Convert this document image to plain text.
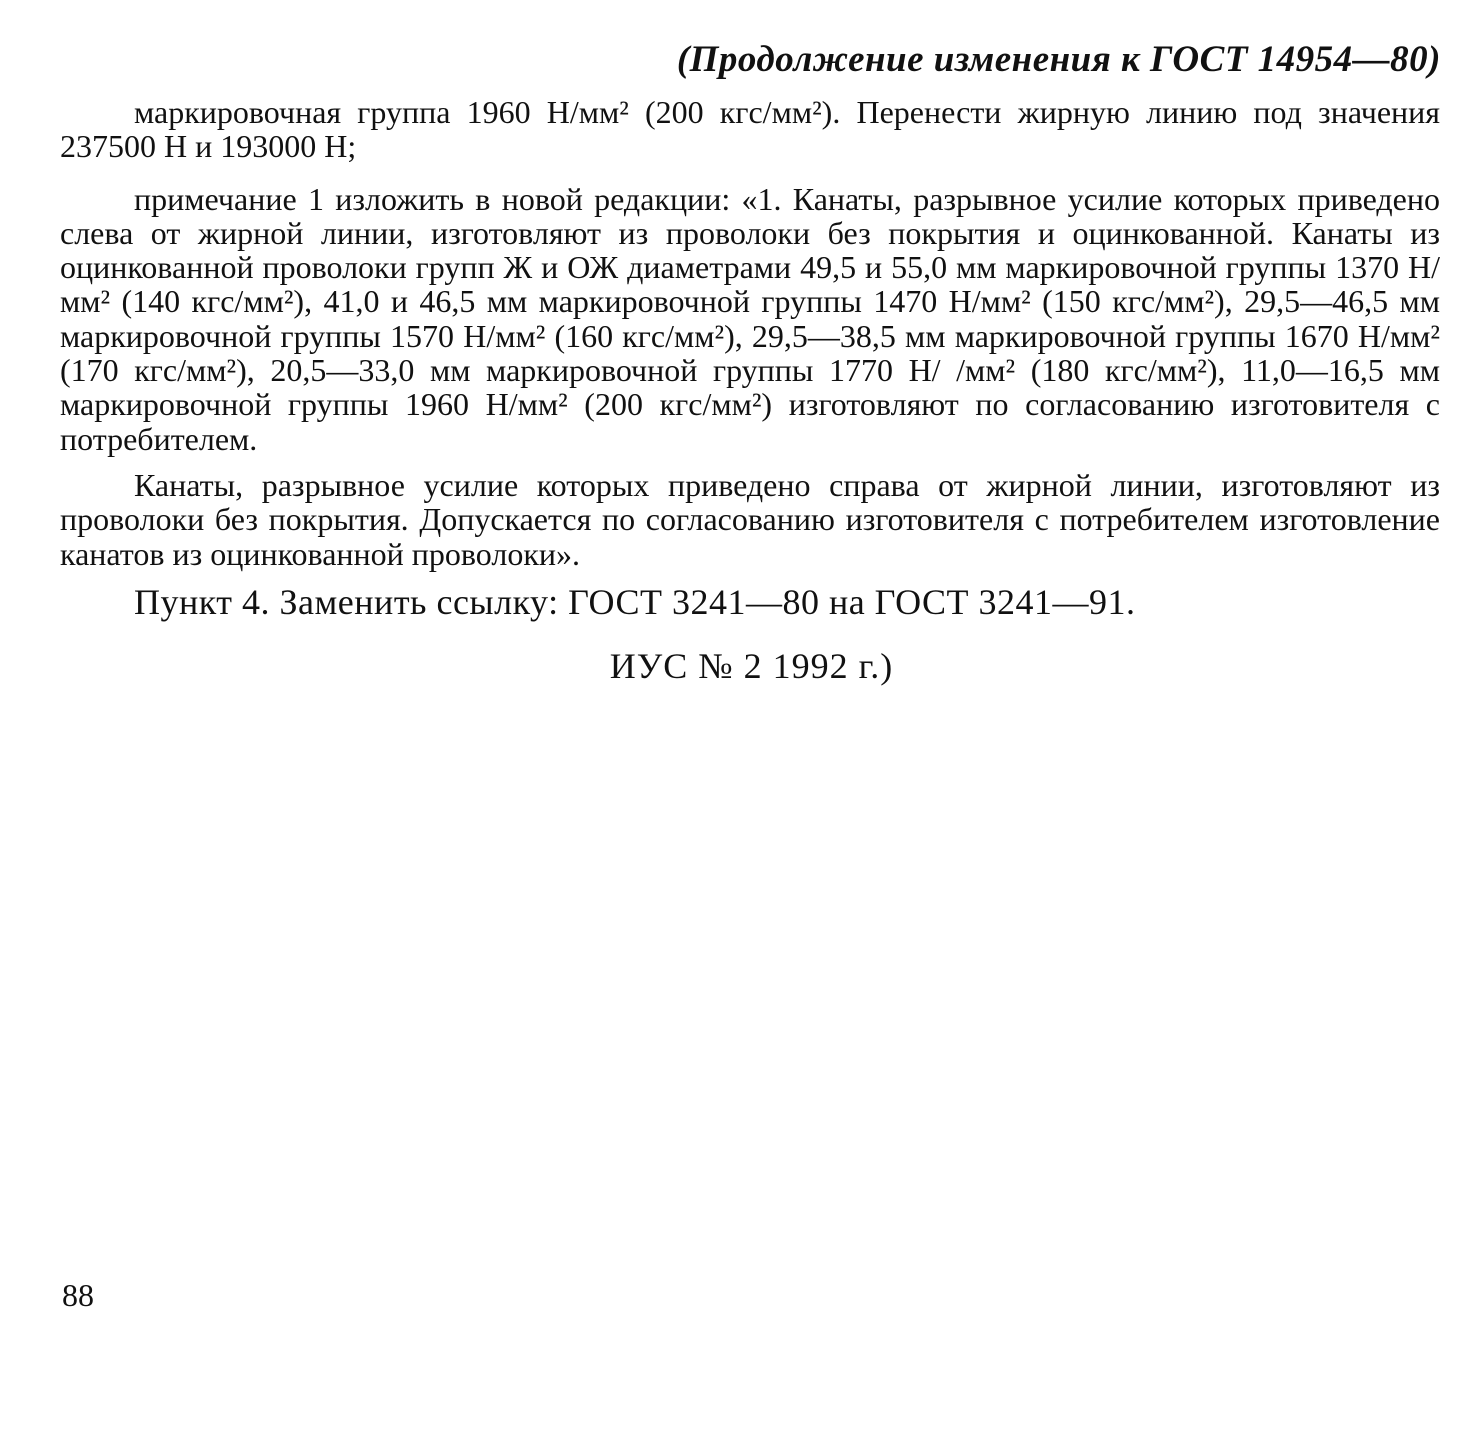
(Продолжение изменения к ГОСТ 14954—80)

маркировочная группа 1960 Н/мм² (200 кгс/мм²). Перенести жирную линию под значения 237500 Н и 193000 Н;

примечание 1 изложить в новой редакции: «1. Канаты, разрывное усилие которых приведено слева от жирной линии, изготовляют из проволоки без покрытия и оцинкованной. Канаты из оцинкованной проволоки групп Ж и ОЖ диаметрами 49,5 и 55,0 мм маркировочной группы 1370 Н/мм² (140 кгс/мм²), 41,0 и 46,5 мм маркировочной группы 1470 Н/мм² (150 кгс/мм²), 29,5—46,5 мм маркировочной группы 1570 Н/мм² (160 кгс/мм²), 29,5—38,5 мм маркировочной группы 1670 Н/мм² (170 кгс/мм²), 20,5—33,0 мм маркировочной группы 1770 Н/ /мм² (180 кгс/мм²), 11,0—16,5 мм маркировочной группы 1960 Н/мм² (200 кгс/мм²) изготовляют по согласованию изготовителя с потребителем.

Канаты, разрывное усилие которых приведено справа от жирной линии, изготовляют из проволоки без покрытия. Допускается по согласованию изготовителя с потребителем изготовление канатов из оцинкованной проволоки».

Пункт 4. Заменить ссылку: ГОСТ 3241—80 на ГОСТ 3241—91.

ИУС № 2 1992 г.)
88
